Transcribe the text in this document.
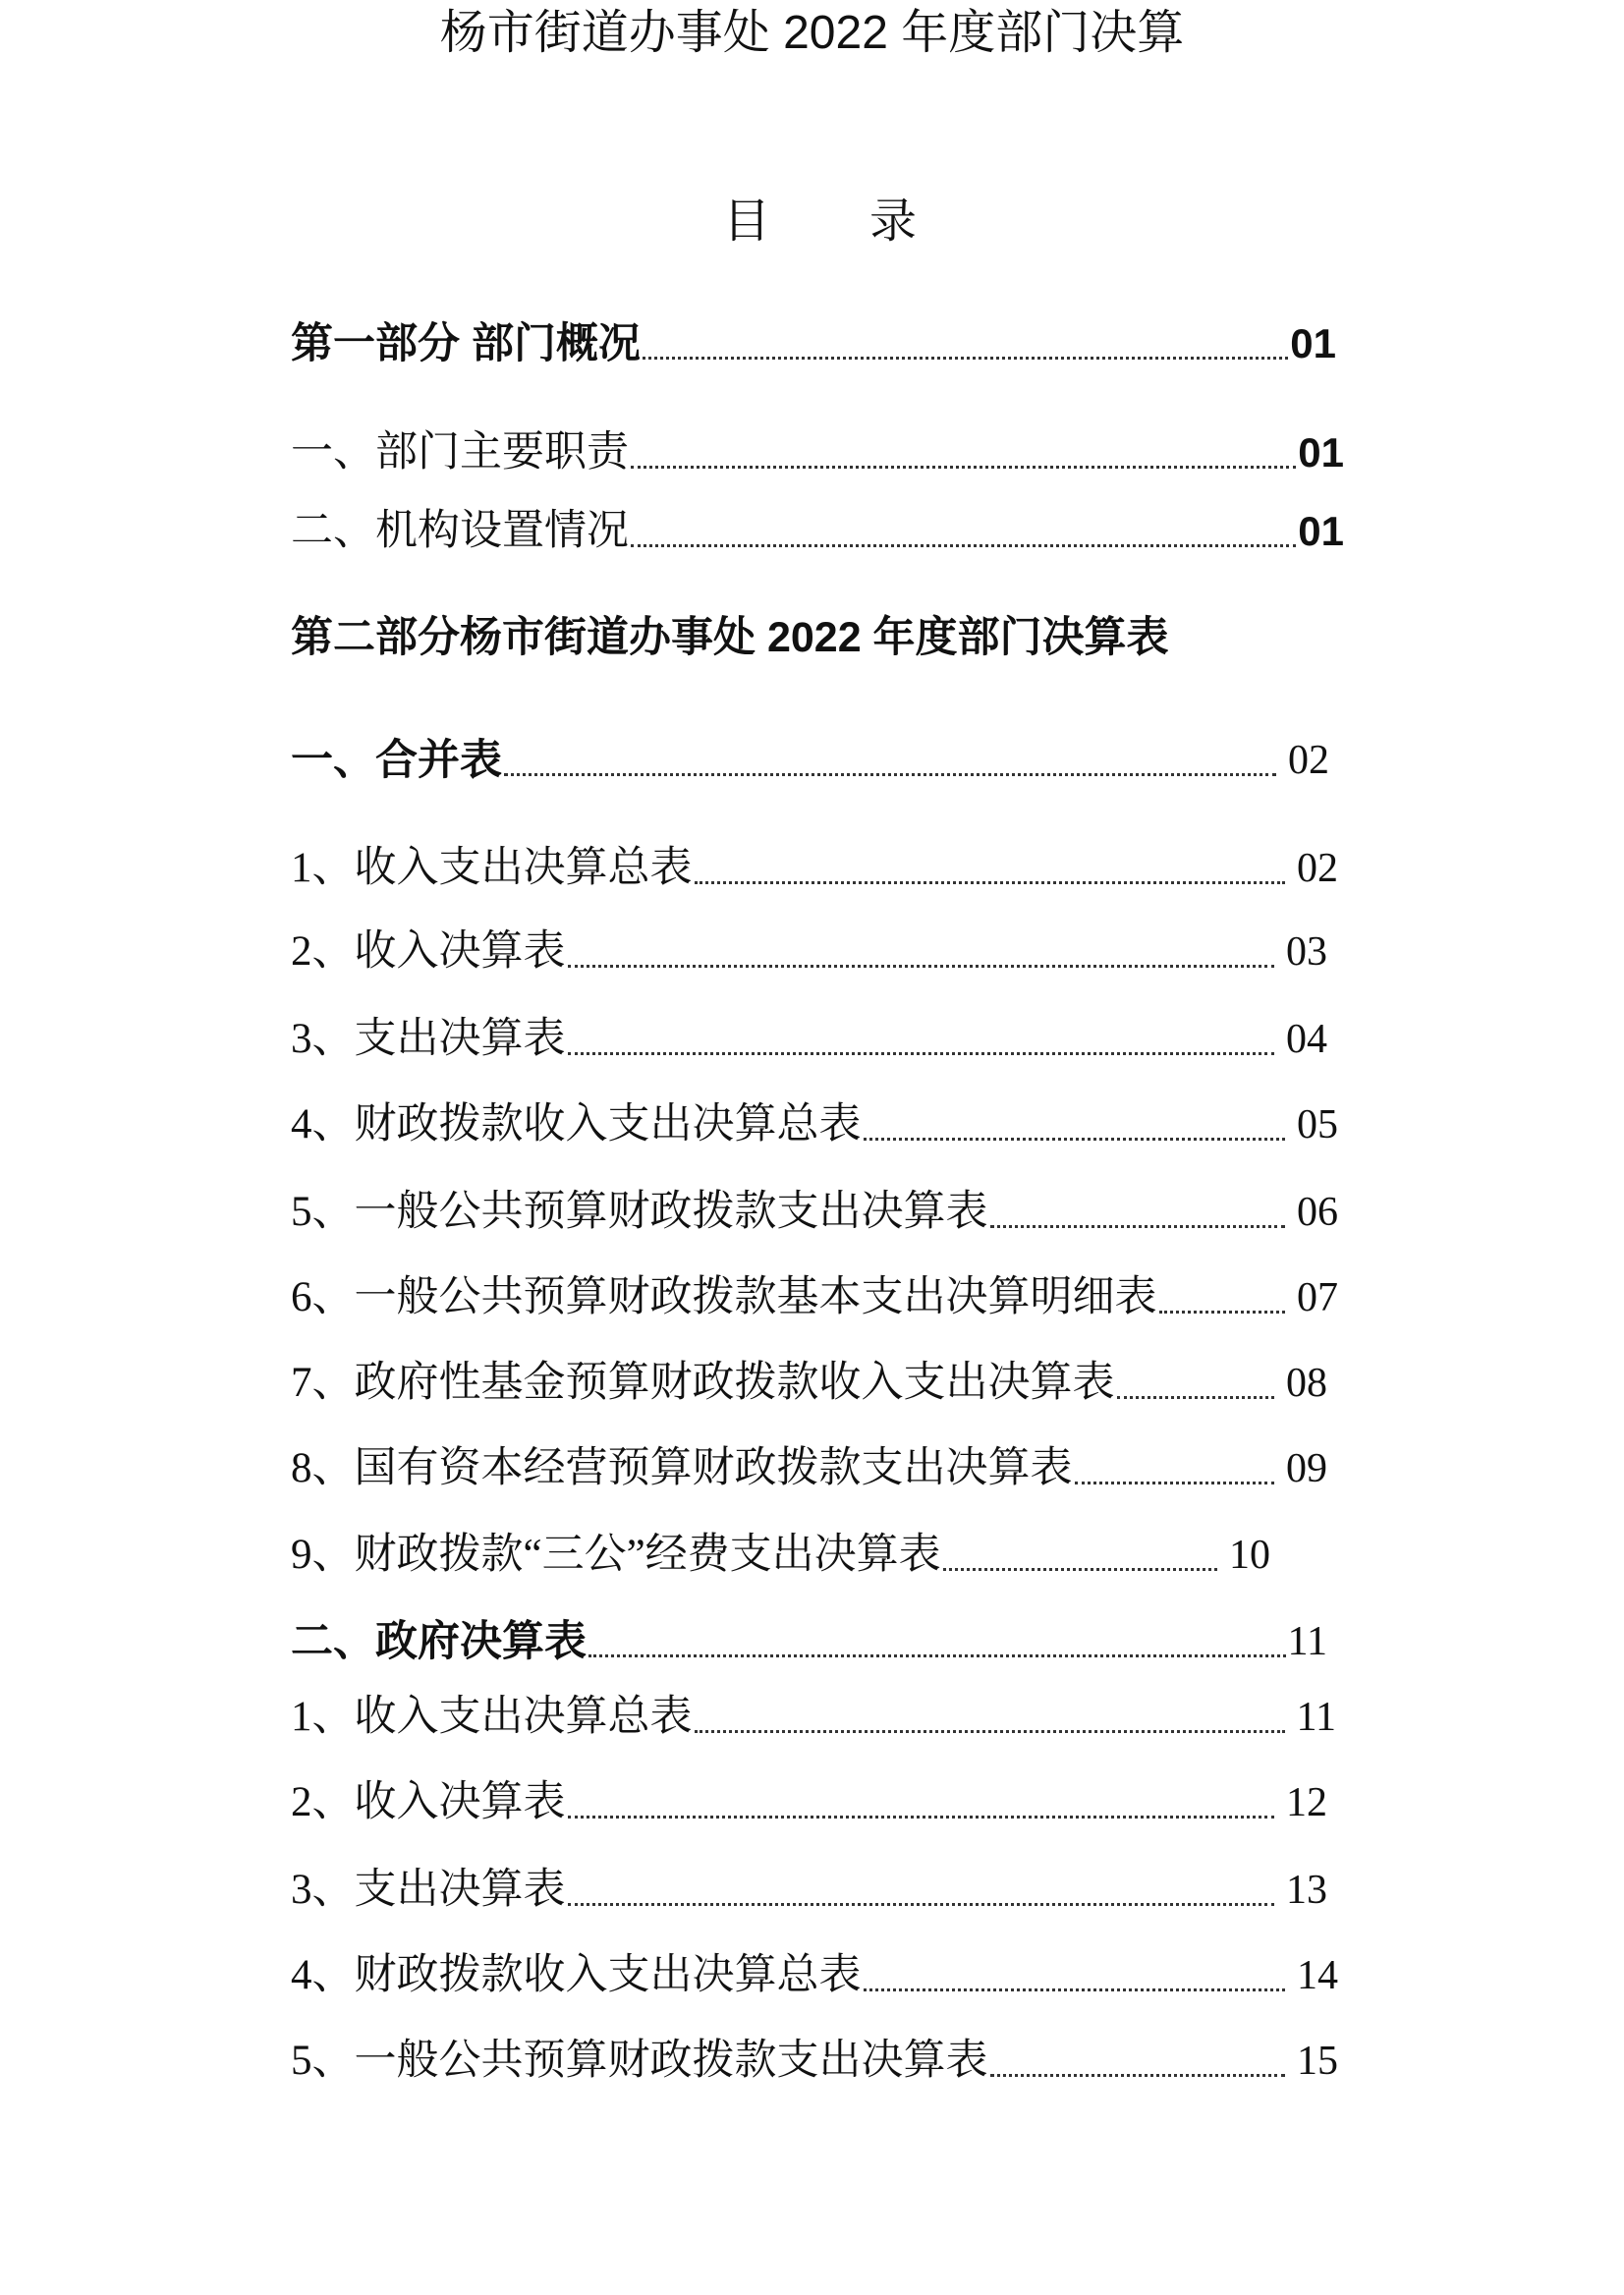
杨市街道办事处 2022 年度部门决算
目 录
第一部分 部门概况	01
一、部门主要职责	01
二、机构设置情况	01
第二部分杨市街道办事处 2022 年度部门决算表
一、合并表	02
1、收入支出决算总表	02
2、收入决算表	03
3、支出决算表	04
4、财政拨款收入支出决算总表	05
5、一般公共预算财政拨款支出决算表	06
6、一般公共预算财政拨款基本支出决算明细表	07
7、政府性基金预算财政拨款收入支出决算表	08
8、国有资本经营预算财政拨款支出决算表	09
9、财政拨款“三公”经费支出决算表	10
二、政府决算表	11
1、收入支出决算总表	11
2、收入决算表	12
3、支出决算表	13
4、财政拨款收入支出决算总表	14
5、一般公共预算财政拨款支出决算表	15
